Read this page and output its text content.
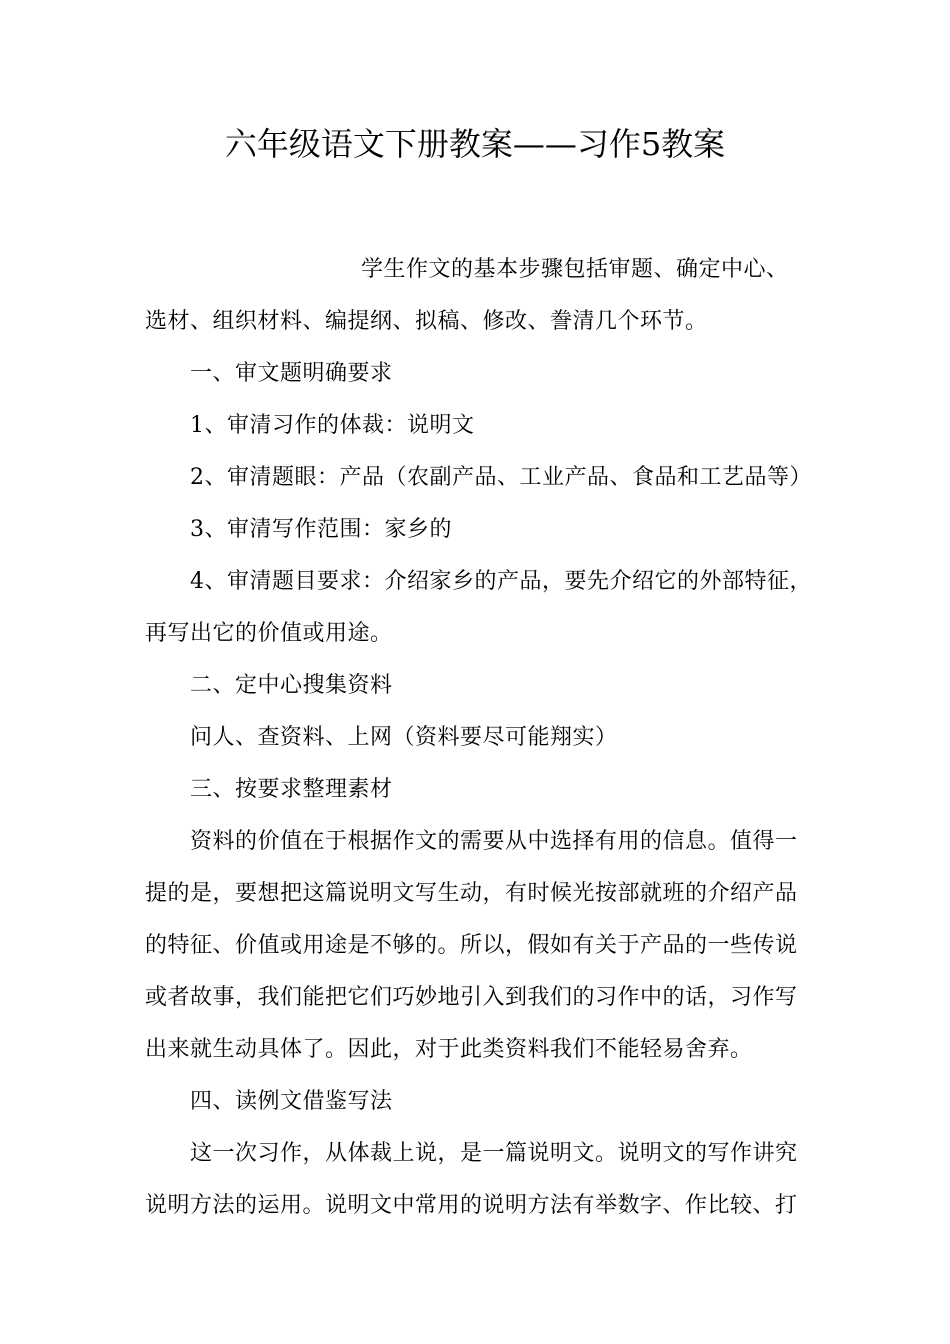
六年级语文下册教案——习作5教案
学生作文的基本步骤包括审题、确定中心、
选材、组织材料、编提纲、拟稿、修改、誊清几个环节。
一、审文题明确要求
1、审清习作的体裁：说明文
2、审清题眼：产品（农副产品、工业产品、食品和工艺品等）
3、审清写作范围：家乡的
4、审清题目要求：介绍家乡的产品，要先介绍它的外部特征，
再写出它的价值或用途。
二、定中心搜集资料
问人、查资料、上网（资料要尽可能翔实）
三、按要求整理素材
资料的价值在于根据作文的需要从中选择有用的信息。值得一
提的是，要想把这篇说明文写生动，有时候光按部就班的介绍产品
的特征、价值或用途是不够的。所以，假如有关于产品的一些传说
或者故事，我们能把它们巧妙地引入到我们的习作中的话，习作写
出来就生动具体了。因此，对于此类资料我们不能轻易舍弃。
四、读例文借鉴写法
这一次习作，从体裁上说，是一篇说明文。说明文的写作讲究
说明方法的运用。说明文中常用的说明方法有举数字、作比较、打
